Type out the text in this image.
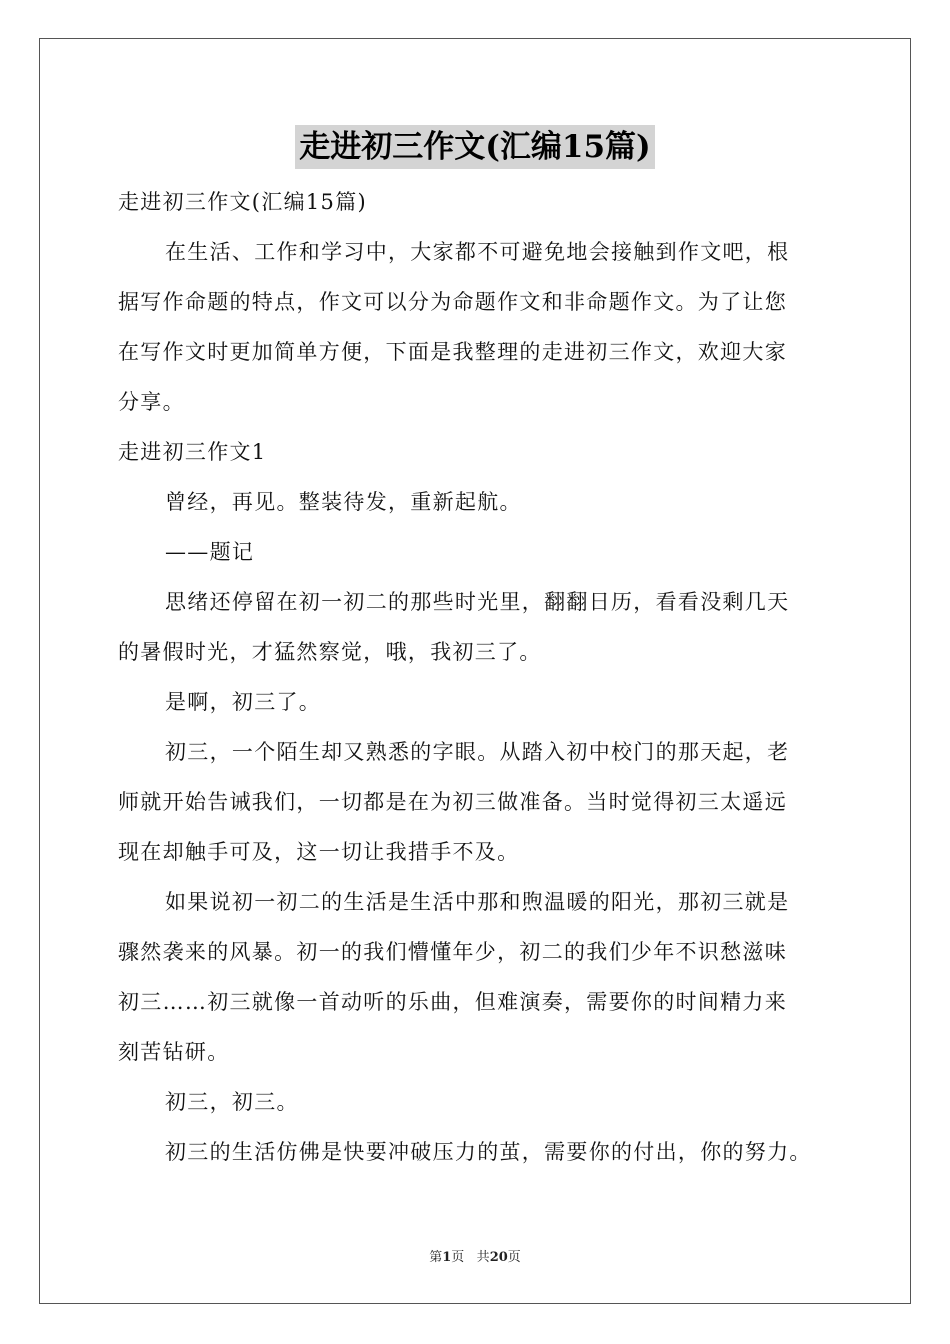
走进初三作文(汇编15篇)
走进初三作文(汇编15篇)
在生活、工作和学习中，大家都不可避免地会接触到作文吧，根
据写作命题的特点，作文可以分为命题作文和非命题作文。为了让您
在写作文时更加简单方便，下面是我整理的走进初三作文，欢迎大家
分享。
走进初三作文1
曾经，再见。整装待发，重新起航。
——题记
思绪还停留在初一初二的那些时光里，翻翻日历，看看没剩几天
的暑假时光，才猛然察觉，哦，我初三了。
是啊，初三了。
初三，一个陌生却又熟悉的字眼。从踏入初中校门的那天起，老
师就开始告诫我们，一切都是在为初三做准备。当时觉得初三太遥远
现在却触手可及，这一切让我措手不及。
如果说初一初二的生活是生活中那和煦温暖的阳光，那初三就是
骤然袭来的风暴。初一的我们懵懂年少，初二的我们少年不识愁滋味
初三……初三就像一首动听的乐曲，但难演奏，需要你的时间精力来
刻苦钻研。
初三，初三。
初三的生活仿佛是快要冲破压力的茧，需要你的付出，你的努力。
第1页 共20页
